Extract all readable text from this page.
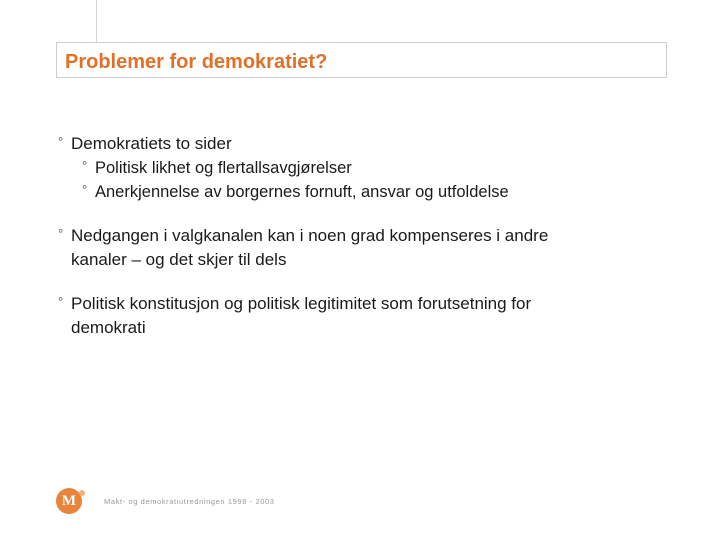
Problemer for demokratiet?
° Demokratiets to sider
° Politisk likhet og flertallsavgjørelser
° Anerkjennelse av borgernes fornuft, ansvar og utfoldelse
° Nedgangen i valgkanalen kan i noen grad kompenseres i andre
kanaler – og det skjer til dels
° Politisk konstitusjon og politisk legitimitet som forutsetning for
demokrati
M	Makt- og demokratiutredningen 1998 - 2003
